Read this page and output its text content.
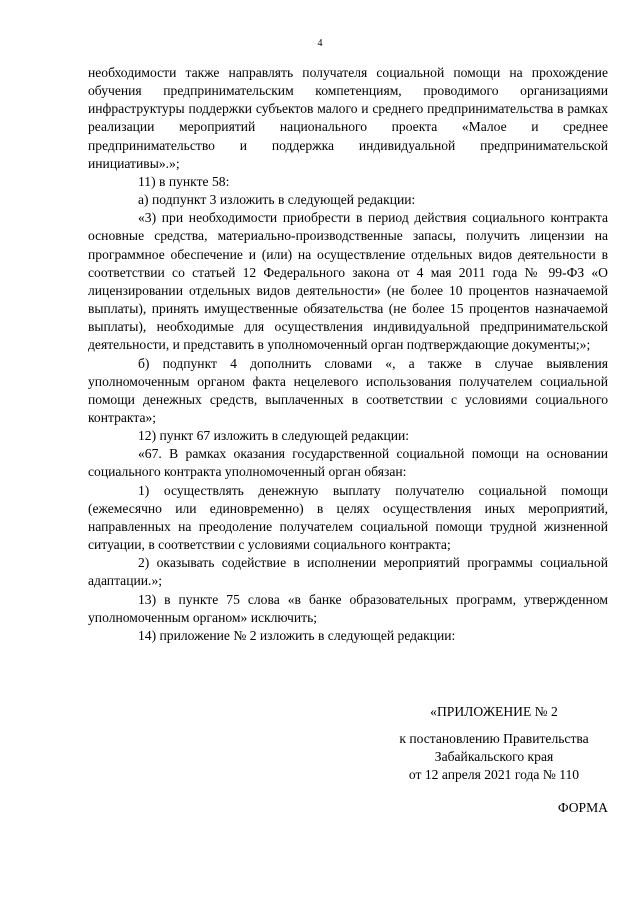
4

необходимости также направлять получателя социальной помощи на прохождение обучения предпринимательским компетенциям, проводимого организациями инфраструктуры поддержки субъектов малого и среднего предпринимательства в рамках реализации мероприятий национального проекта «Малое и среднее предпринимательство и поддержка индивидуальной предпринимательской инициативы».»;

11) в пункте 58:

а) подпункт 3 изложить в следующей редакции:

«3) при необходимости приобрести в период действия социального контракта основные средства, материально-производственные запасы, получить лицензии на программное обеспечение и (или) на осуществление отдельных видов деятельности в соответствии со статьей 12 Федерального закона от 4 мая 2011 года № 99-ФЗ «О лицензировании отдельных видов деятельности» (не более 10 процентов назначаемой выплаты), принять имущественные обязательства (не более 15 процентов назначаемой выплаты), необходимые для осуществления индивидуальной предпринимательской деятельности, и представить в уполномоченный орган подтверждающие документы;»;

б) подпункт 4 дополнить словами «, а также в случае выявления уполномоченным органом факта нецелевого использования получателем социальной помощи денежных средств, выплаченных в соответствии с условиями социального контракта»;

12) пункт 67 изложить в следующей редакции:

«67. В рамках оказания государственной социальной помощи на основании социального контракта уполномоченный орган обязан:

1) осуществлять денежную выплату получателю социальной помощи (ежемесячно или единовременно) в целях осуществления иных мероприятий, направленных на преодоление получателем социальной помощи трудной жизненной ситуации, в соответствии с условиями социального контракта;

2) оказывать содействие в исполнении мероприятий программы социальной адаптации.»;

13) в пункте 75 слова «в банке образовательных программ, утвержденном уполномоченным органом» исключить;

14) приложение № 2 изложить в следующей редакции:

«ПРИЛОЖЕНИЕ № 2
к постановлению Правительства
Забайкальского края
от 12 апреля 2021 года № 110
ФОРМА
